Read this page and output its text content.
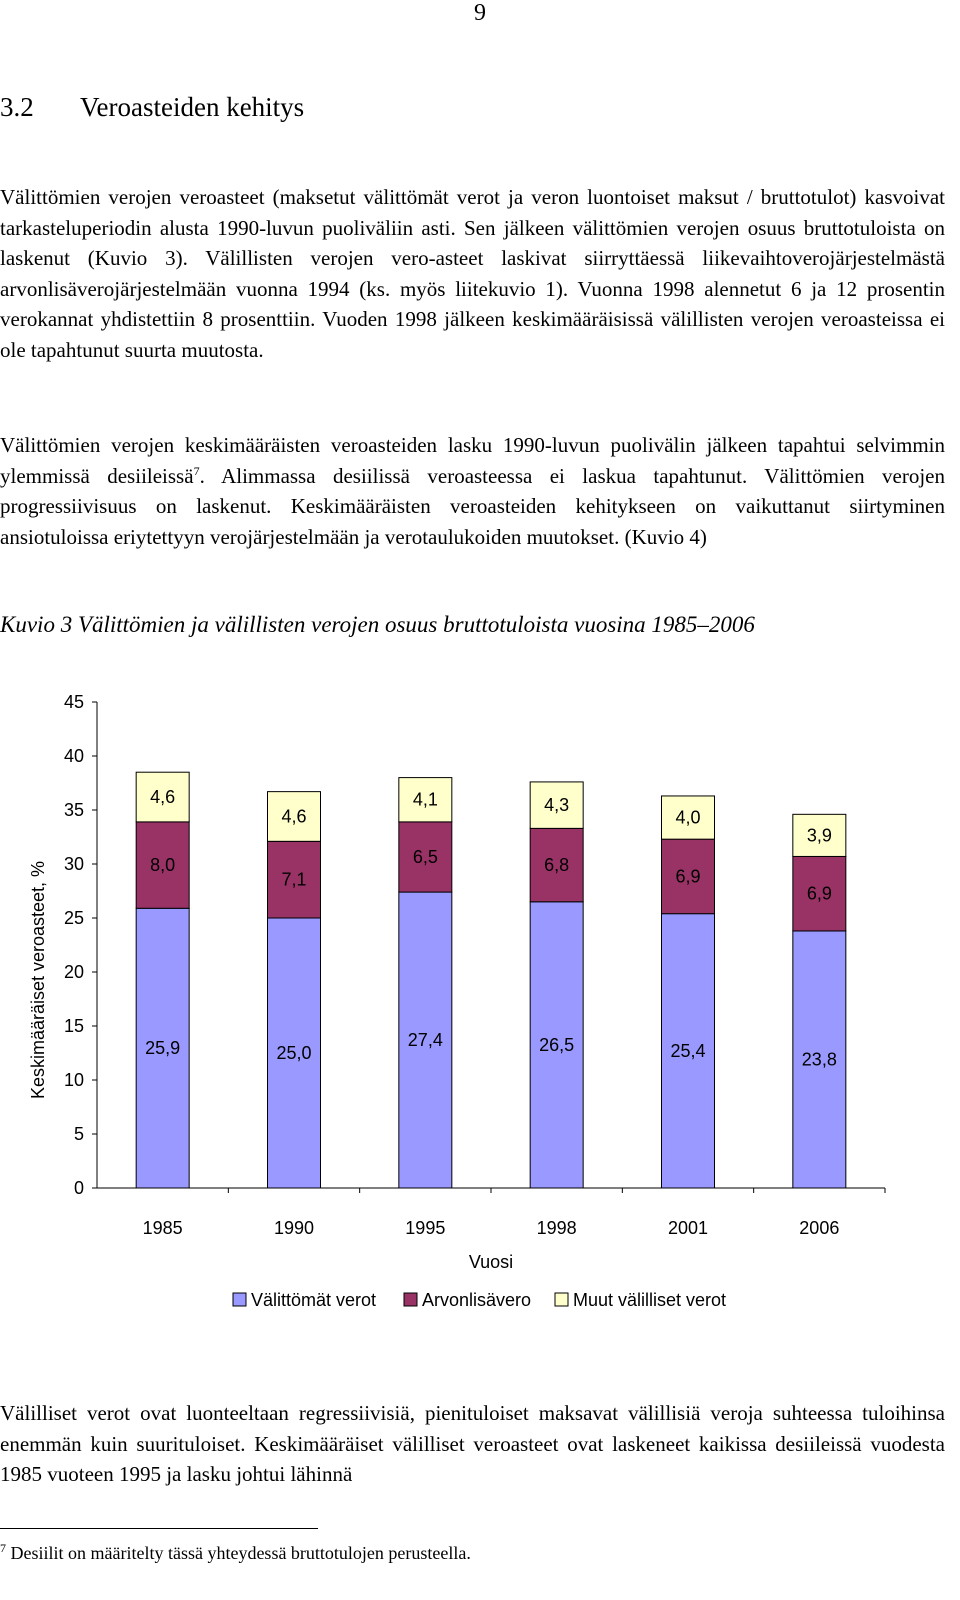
9
3.2 Veroasteiden kehitys

Välittömien verojen veroasteet (maksetut välittömät verot ja veron luontoiset maksut / bruttotulot) kasvoivat tarkasteluperiodin alusta 1990-luvun puoliväliin asti. Sen jälkeen välittömien verojen osuus bruttotuloista on laskenut (Kuvio 3). Välillisten verojen vero-asteet laskivat siirryttäessä liikevaihtoverojärjestelmästä arvonlisäverojärjestelmään vuonna 1994 (ks. myös liitekuvio 1). Vuonna 1998 alennetut 6 ja 12 prosentin verokannat yhdistettiin 8 prosenttiin. Vuoden 1998 jälkeen keskimääräisissä välillisten verojen veroasteissa ei ole tapahtunut suurta muutosta.

Välittömien verojen keskimääräisten veroasteiden lasku 1990-luvun puolivälin jälkeen tapahtui selvimmin ylemmissä desiileissä$^7$. Alimmassa desiilissä veroasteessa ei laskua tapahtunut. Välittömien verojen progressiivisuus on laskenut. Keskimääräisten veroasteiden kehitykseen on vaikuttanut siirtyminen ansiotuloissa eriytettyyn verojärjestelmään ja verotaulukoiden muutokset. (Kuvio 4)

Kuvio 3 Välittömien ja välillisten verojen osuus bruttotuloista vuosina 1985–2006
0
5
10
15
20
25
30
35
40
45
Keskimääräiset veroasteet, %	25,9
8,0
4,6
1985
25,0
7,1
4,6
1990
27,4
6,5
4,1
1995
26,5
6,8
4,3
1998
25,4
6,9
4,0
2001
23,8
6,9
3,9
2006
Vuosi
Välittömät verot	Arvonlisävero Muut välilliset verot

Välilliset verot ovat luonteeltaan regressiivisiä, pienituloiset maksavat välillisiä veroja suhteessa tuloihinsa enemmän kuin suurituloiset. Keskimääräiset välilliset veroasteet ovat laskeneet kaikissa desiileissä vuodesta 1985 vuoteen 1995 ja lasku johtui lähinnä

$^7$ Desiilit on määritelty tässä yhteydessä bruttotulojen perusteella.
